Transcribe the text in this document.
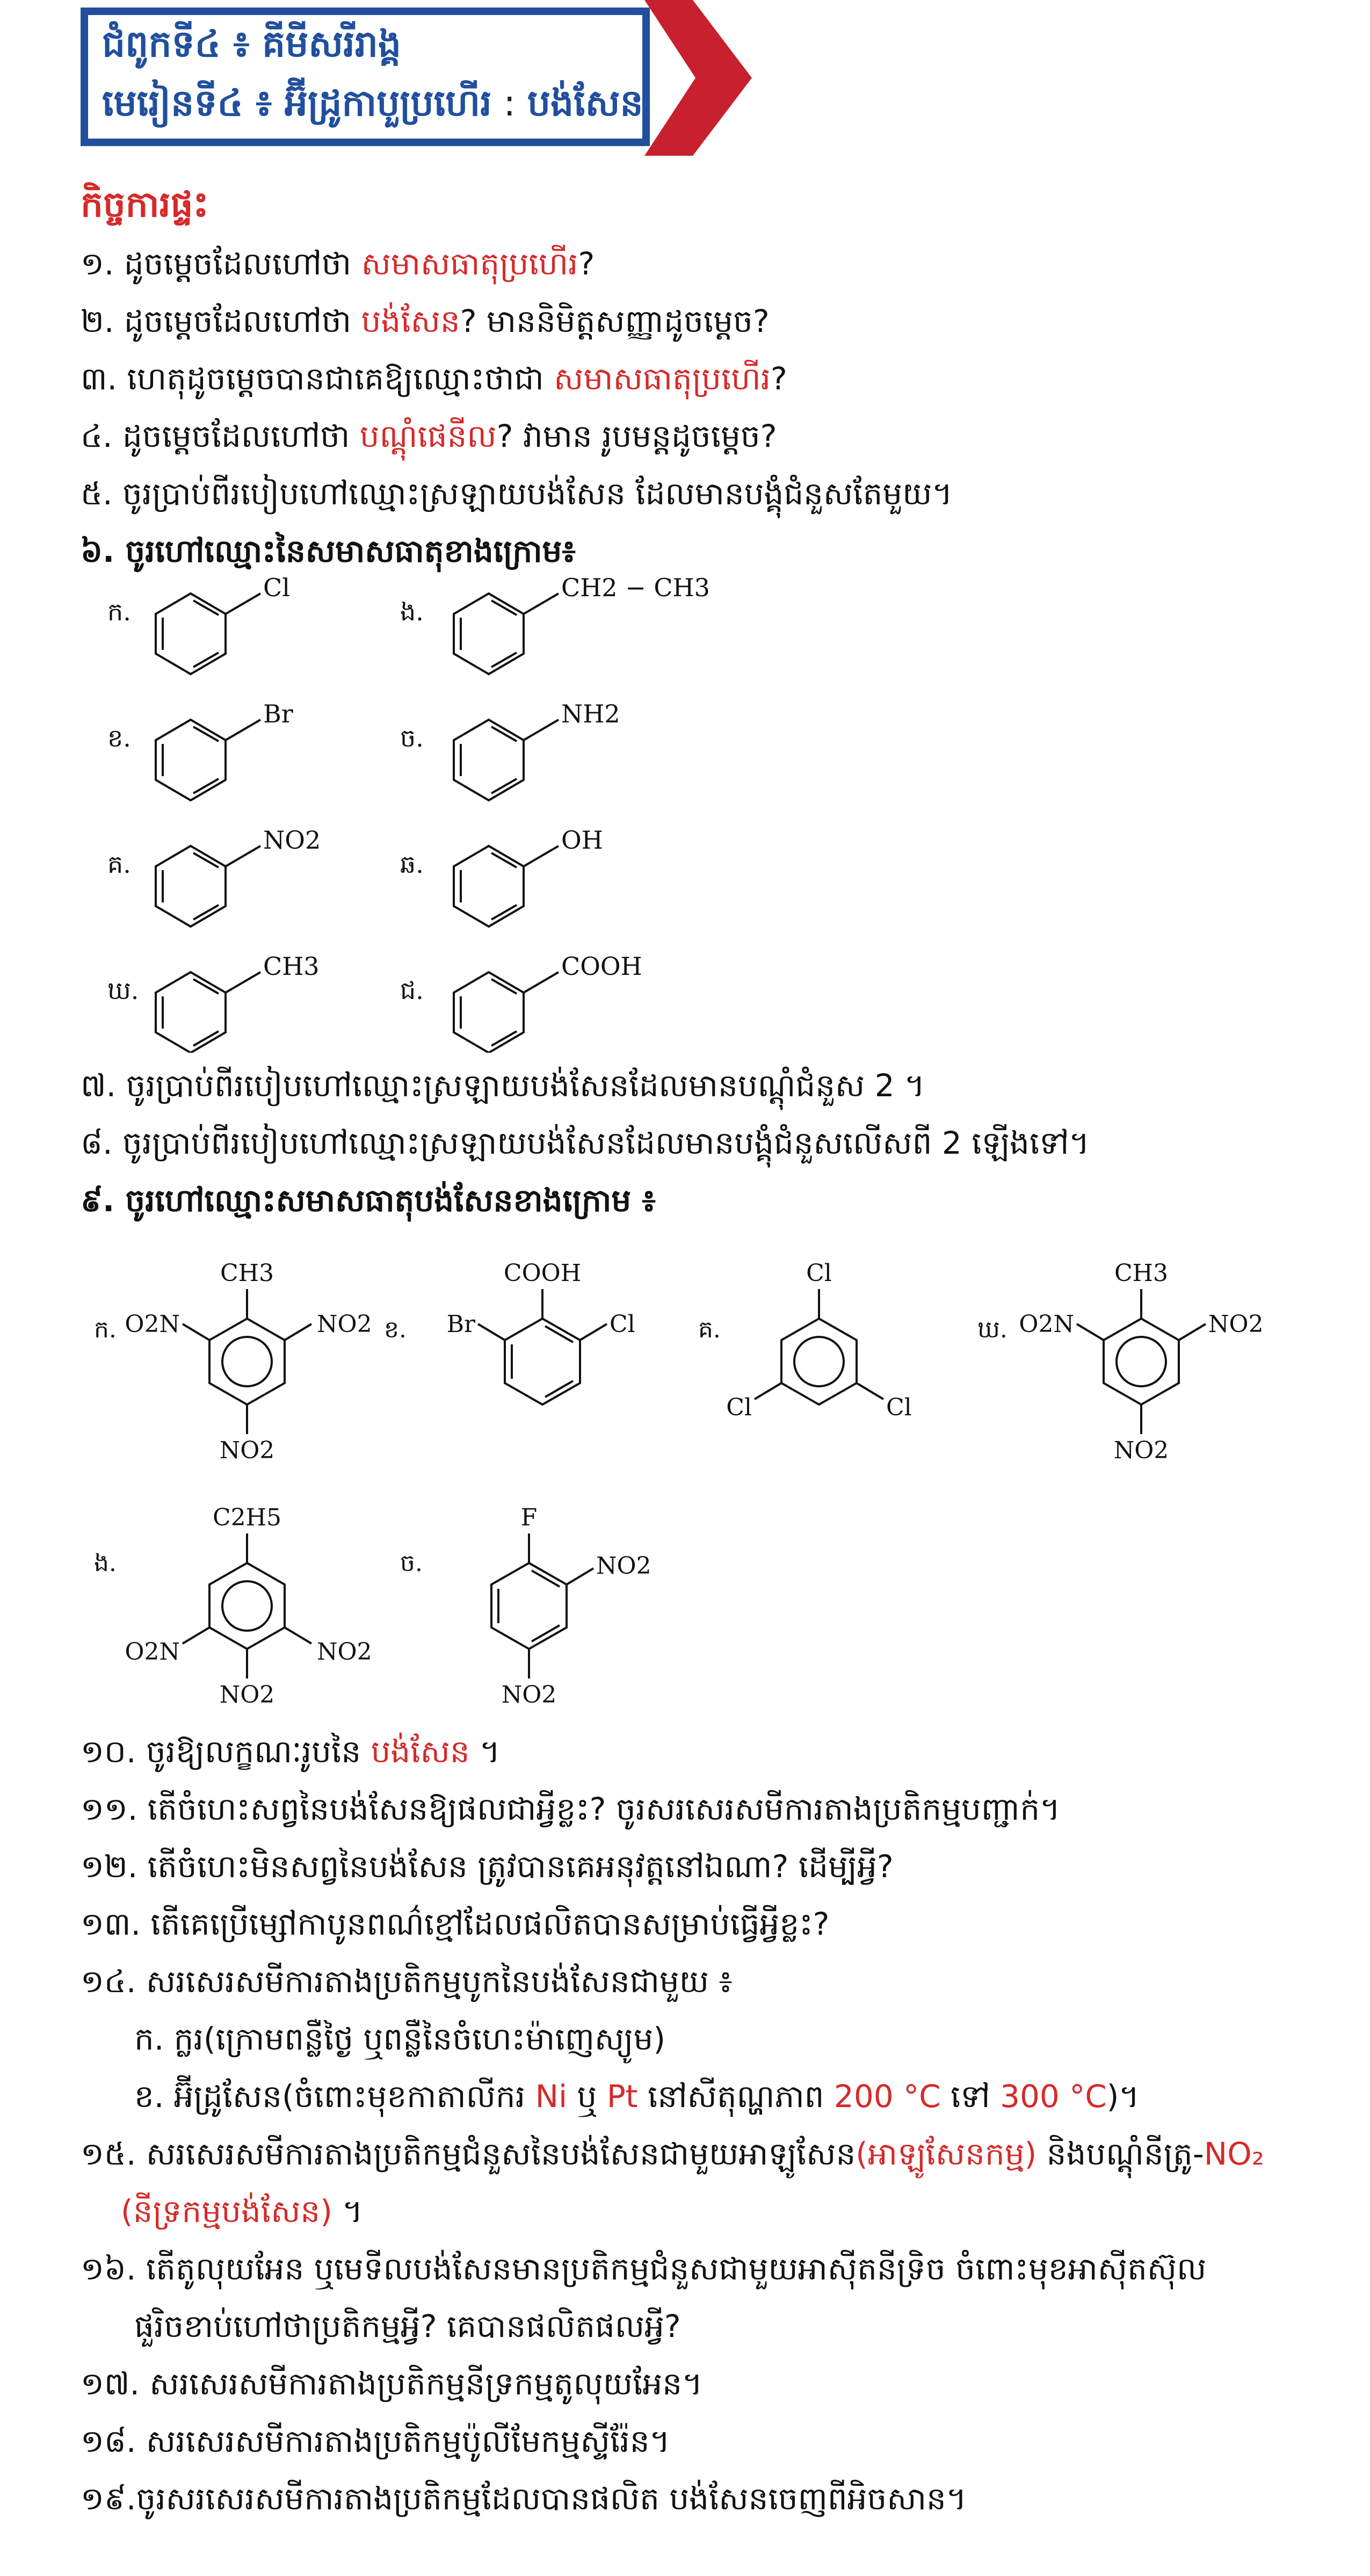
ជំពូកទី៤ ៖ គីមីសរីរាង្គ
មេរៀនទី៤ ៖ អ៊ីដ្រូកាបួប្រហើរ : បង់សែន
កិច្ចការផ្ទះ
១. ដូចម្តេចដែលហៅថា សមាសធាតុប្រហើរ?
២. ដូចម្តេចដែលហៅថា បង់សែន? មាននិមិត្តសញ្ញាដូចម្តេច?
៣. ហេតុដូចម្តេចបានជាគេឱ្យឈ្មោះថាជា សមាសធាតុប្រហើរ?
៤. ដូចម្តេចដែលហៅថា បណ្តុំផេនីល? វាមាន រូបមន្តដូចម្តេច?
៥. ចូរប្រាប់ពីរបៀបហៅឈ្មោះស្រឡាយបង់សែន ដែលមានបង្គុំជំនួសតែមួយ។
៦. ចូរហៅឈ្មោះនៃសមាសធាតុខាងក្រោម៖
ក.
Cl
ខ.
Br
គ.
NO2
ឃ.
CH3
ង.
CH2 − CH3
ច.
NH2
ឆ.
OH
ជ.
COOH
៧. ចូរប្រាប់ពីរបៀបហៅឈ្មោះស្រឡាយបង់សែនដែលមានបណ្តុំជំនួស 2 ។
៨. ចូរប្រាប់ពីរបៀបហៅឈ្មោះស្រឡាយបង់សែនដែលមានបង្គុំជំនួសលើសពី 2 ឡើងទៅ។
៩. ចូរហៅឈ្មោះសមាសធាតុបង់សែនខាងក្រោម ៖
ក.
CH3
O2N	NO2
NO2
ខ.
COOH
Br	Cl	គ.
Cl
Cl	Cl
ឃ.
CH3
O2N	NO2
NO2
ង.
C2H5
O2N	NO2
NO2
ច.
F
NO2
NO2
១០. ចូរឱ្យលក្ខណៈរូបនៃ បង់សែន ។
១១. តើចំហេះសព្វនៃបង់សែនឱ្យផលជាអ្វីខ្លះ? ចូរសរសេរសមីការតាងប្រតិកម្មបញ្ជាក់។
១២. តើចំហេះមិនសព្វនៃបង់សែន ត្រូវបានគេអនុវត្តនៅឯណា? ដើម្បីអ្វី?
១៣. តើគេប្រើម្សៅកាបូនពណ៌ខ្មៅដែលផលិតបានសម្រាប់ធ្វើអ្វីខ្លះ?
១៤. សរសេរសមីការតាងប្រតិកម្មបូកនៃបង់សែនជាមួយ ៖
ក. ក្លរ(ក្រោមពន្លឺថ្ងៃ ឬពន្លឺនៃចំហេះម៉ាញេស្យូម)
ខ. អ៊ីដ្រូសែន(ចំពោះមុខកាតាលីករ Ni ឬ Pt នៅសីតុណ្ហភាព 200 °C ទៅ 300 °C)។
១៥. សរសេរសមីការតាងប្រតិកម្មជំនួសនៃបង់សែនជាមួយអាឡូសែន(អាឡូសែនកម្ម) និងបណ្តុំនីត្រូ-NO₂
(នីទ្រកម្មបង់សែន) ។
១៦. តើតូលុយអែន ឬមេទីលបង់សែនមានប្រតិកម្មជំនួសជាមួយអាស៊ីតនីទ្រិច ចំពោះមុខអាស៊ីតស៊ុល
ផួរិចខាប់ហៅថាប្រតិកម្មអ្វី? គេបានផលិតផលអ្វី?
១៧. សរសេរសមីការតាងប្រតិកម្មនីទ្រកម្មតូលុយអែន។
១៨. សរសេរសមីការតាងប្រតិកម្មប៉ូលីមែកម្មស្ទីរ៉ែន។
១៩.ចូរសរសេរសមីការតាងប្រតិកម្មដែលបានផលិត បង់សែនចេញពីអិចសាន។
